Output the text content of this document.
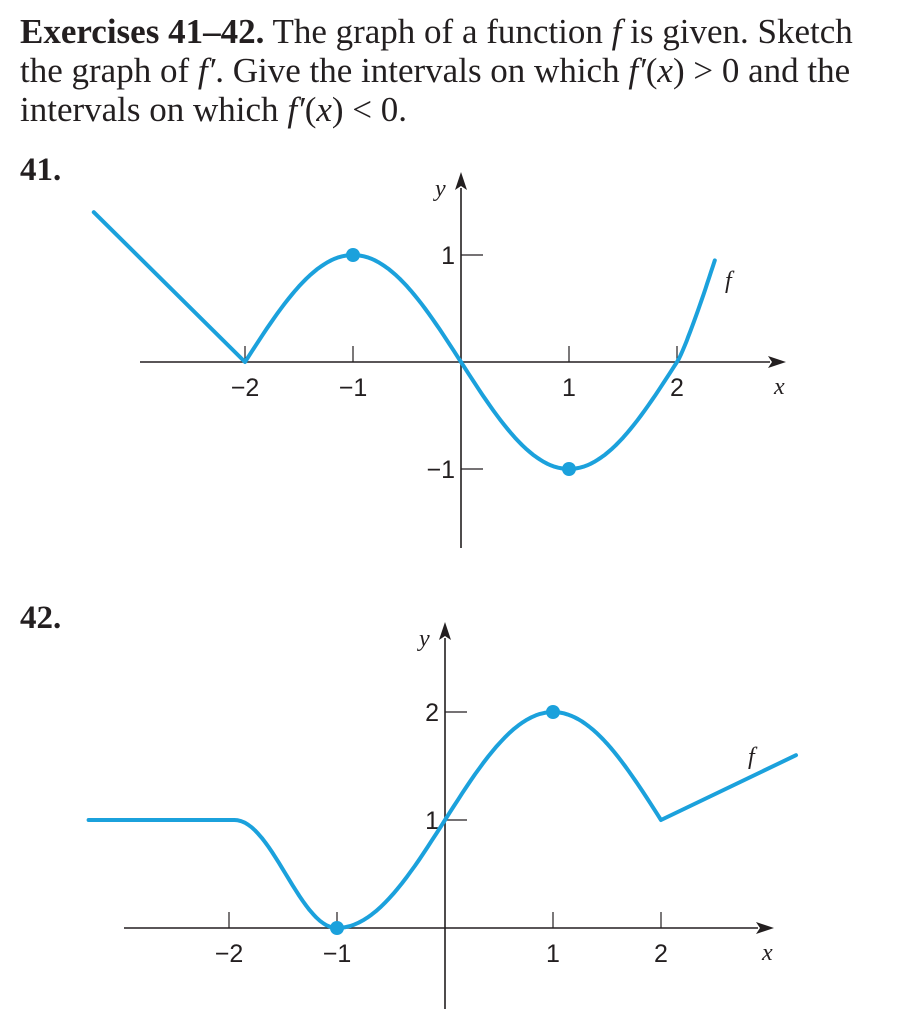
Exercises 41–42. The graph of a function f is given. Sketch the graph of f′. Give the intervals on which f′(x) > 0 and the intervals on which f′(x) < 0.
41.
x
y
−2	−1	1	2
1
−1
f
42.
x
y
−2	−1	1	2
1
2
f
